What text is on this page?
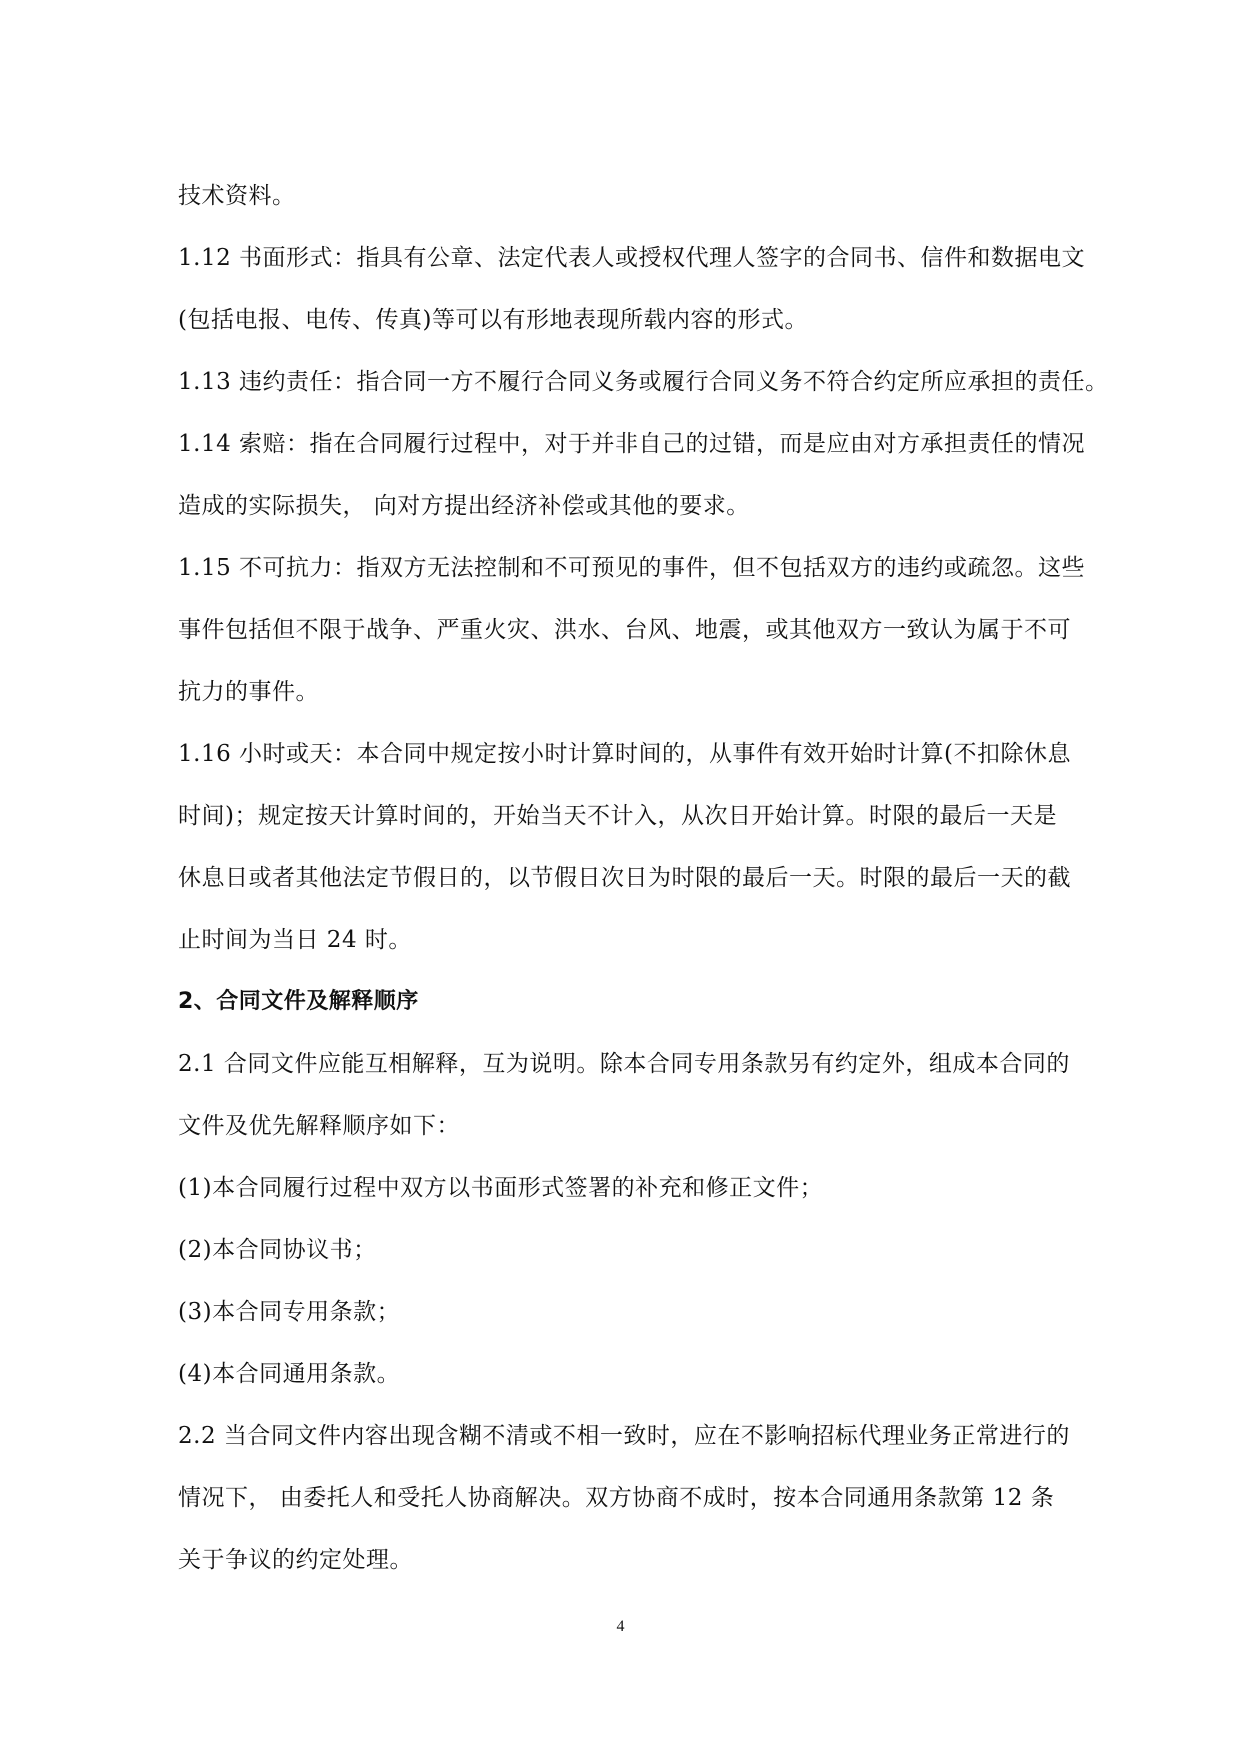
技术资料。
1.12 书面形式：指具有公章、法定代表人或授权代理人签字的合同书、信件和数据电文
(包括电报、电传、传真)等可以有形地表现所载内容的形式。
1.13 违约责任：指合同一方不履行合同义务或履行合同义务不符合约定所应承担的责任。
1.14 索赔：指在合同履行过程中，对于并非自己的过错，而是应由对方承担责任的情况
造成的实际损失， 向对方提出经济补偿或其他的要求。
1.15 不可抗力：指双方无法控制和不可预见的事件，但不包括双方的违约或疏忽。这些
事件包括但不限于战争、严重火灾、洪水、台风、地震，或其他双方一致认为属于不可
抗力的事件。
1.16 小时或天：本合同中规定按小时计算时间的，从事件有效开始时计算(不扣除休息
时间)；规定按天计算时间的，开始当天不计入，从次日开始计算。时限的最后一天是
休息日或者其他法定节假日的，以节假日次日为时限的最后一天。时限的最后一天的截
止时间为当日 24 时。
2、合同文件及解释顺序
2.1 合同文件应能互相解释，互为说明。除本合同专用条款另有约定外，组成本合同的
文件及优先解释顺序如下：
(1)本合同履行过程中双方以书面形式签署的补充和修正文件；
(2)本合同协议书；
(3)本合同专用条款；
(4)本合同通用条款。
2.2 当合同文件内容出现含糊不清或不相一致时，应在不影响招标代理业务正常进行的
情况下， 由委托人和受托人协商解决。双方协商不成时，按本合同通用条款第 12 条
关于争议的约定处理。
4
